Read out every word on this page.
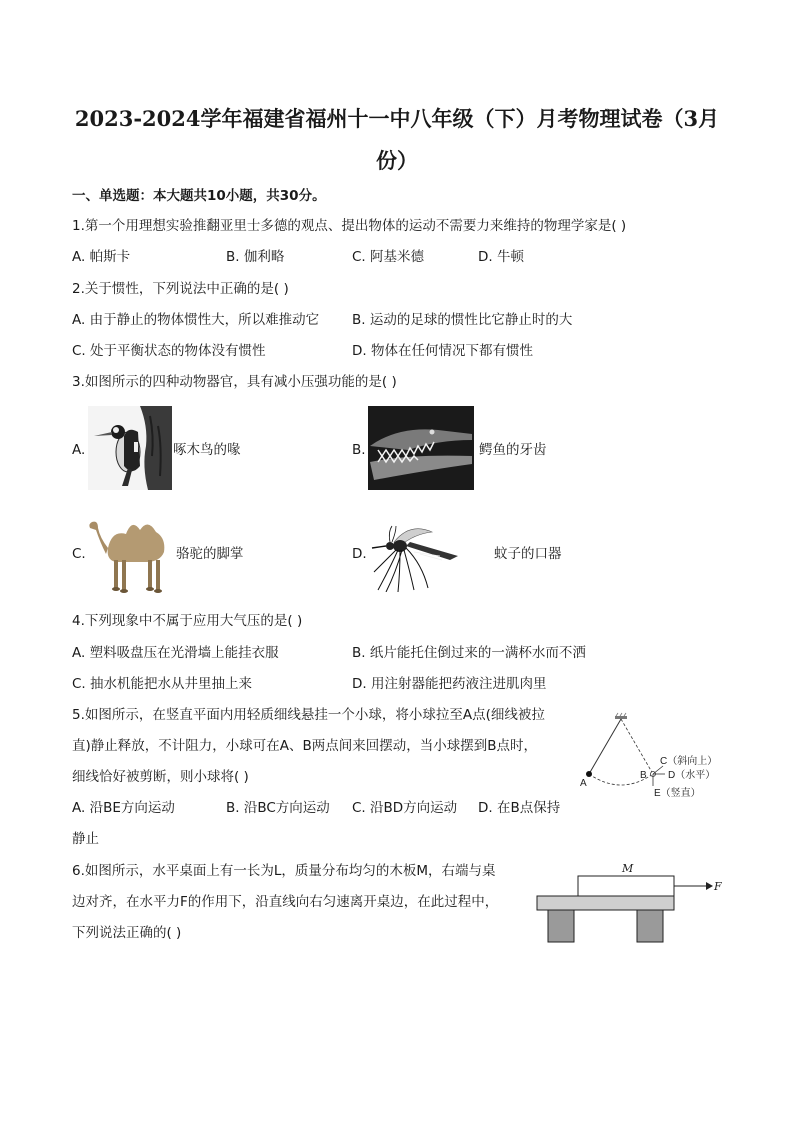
2023-2024学年福建省福州十一中八年级（下）月考物理试卷（3月
份）
一、单选题：本大题共10小题，共30分。
1.第一个用理想实验推翻亚里士多德的观点、提出物体的运动不需要力来维持的物理学家是( )
A. 帕斯卡	B. 伽利略	C. 阿基米德	D. 牛顿
2.关于惯性，下列说法中正确的是( )
A. 由于静止的物体惯性大，所以难推动它 B. 运动的足球的惯性比它静止时的大
C. 处于平衡状态的物体没有惯性	D. 物体在任何情况下都有惯性
3.如图所示的四种动物器官，具有减小压强功能的是( )
A.	啄木鸟的喙	B.	鳄鱼的牙齿
C.	骆驼的脚掌	D.	蚊子的口器
4.下列现象中不属于应用大气压的是( )
A. 塑料吸盘压在光滑墙上能挂衣服	B. 纸片能托住倒过来的一满杯水而不洒
C. 抽水机能把水从井里抽上来	D. 用注射器能把药液注进肌肉里
5.如图所示，在竖直平面内用轻质细线悬挂一个小球，将小球拉至A点(细线被拉
直)静止释放，不计阻力，小球可在A、B两点间来回摆动，当小球摆到B点时，
细线恰好被剪断，则小球将( )
A. 沿BE方向运动	B. 沿BC方向运动 C. 沿BD方向运动 D. 在B点保持
静止
A
B
C（斜向上）
D（水平）
E（竖直）
6.如图所示，水平桌面上有一长为L，质量分布均匀的木板M，右端与桌
边对齐，在水平力F的作用下，沿直线向右匀速离开桌边，在此过程中，
下列说法正确的( )
M
F
